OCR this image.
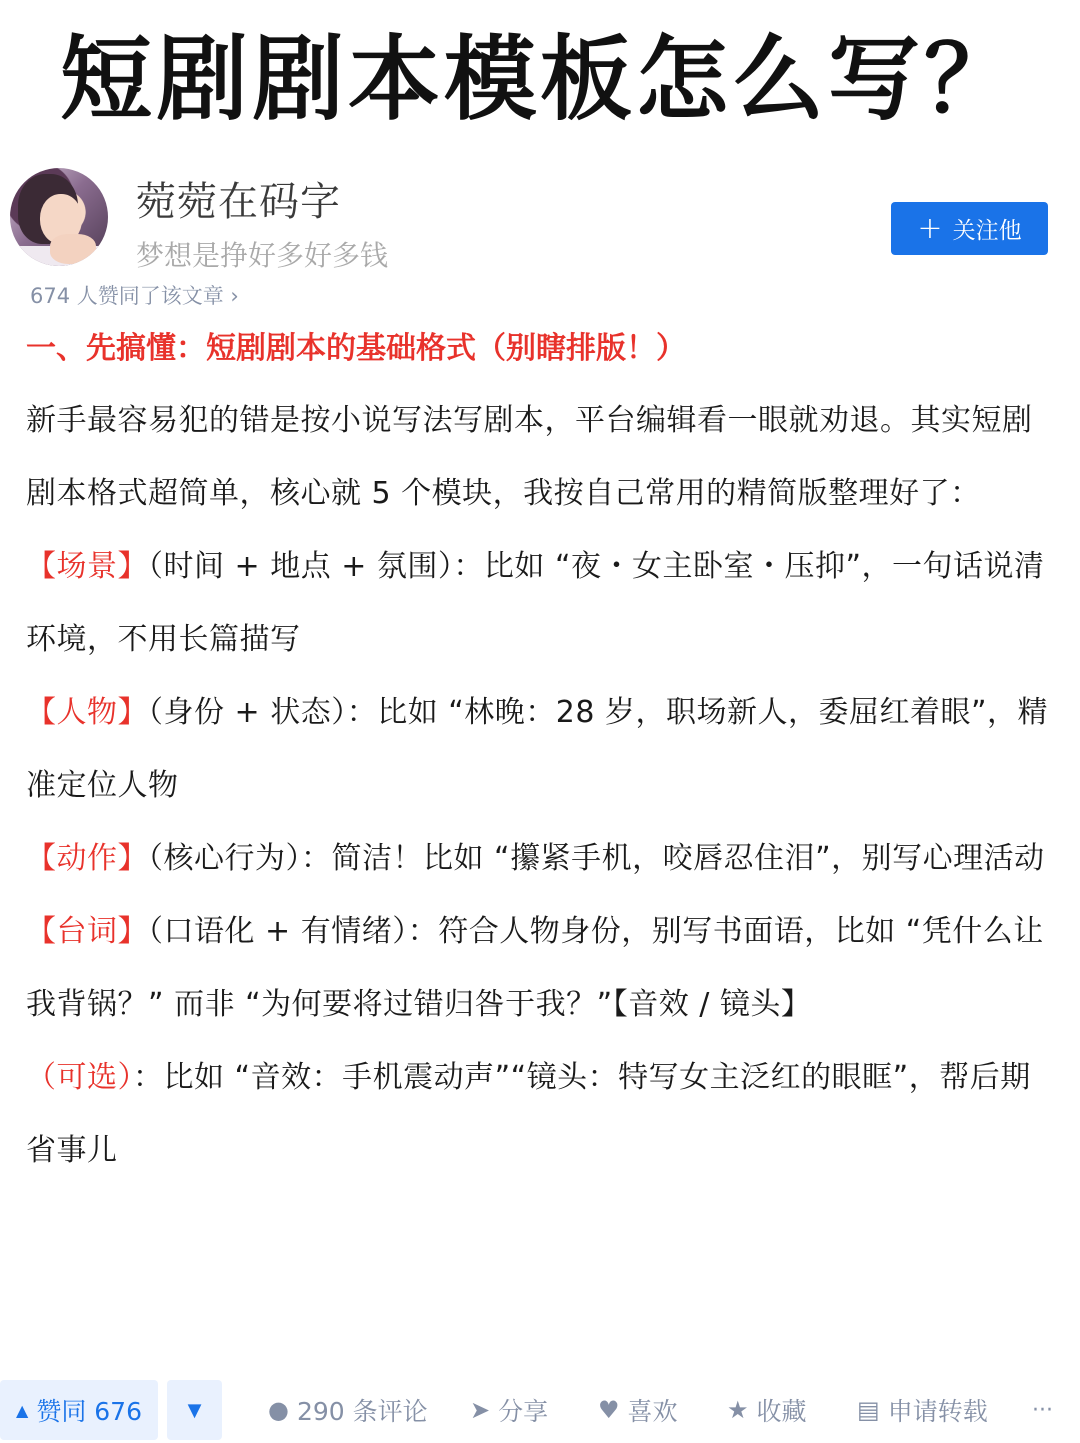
短剧剧本模板怎么写？
菀菀在码字
梦想是挣好多好多钱
+ 关注他
674 人赞同了该文章 ›
一、先搞懂：短剧剧本的基础格式（别瞎排版！）

新手最容易犯的错是按小说写法写剧本，平台编辑看一眼就劝退。其实短剧剧本格式超简单，核心就 5 个模块，我按自己常用的精简版整理好了：

【场景】（时间 + 地点 + 氛围）：比如 “夜・女主卧室・压抑”，一句话说清环境，不用长篇描写

【人物】（身份 + 状态）：比如 “林晚：28 岁，职场新人，委屈红着眼”，精准定位人物

【动作】（核心行为）：简洁！比如 “攥紧手机，咬唇忍住泪”，别写心理活动

【台词】（口语化 + 有情绪）：符合人物身份，别写书面语，比如 “凭什么让我背锅？” 而非 “为何要将过错归咎于我？”【音效 / 镜头】

（可选）：比如 “音效：手机震动声”“镜头：特写女主泛红的眼眶”，帮后期省事儿

▲ 赞同 676	▼	● 290 条评论 ➤ 分享 ♥ 喜欢 ★ 收藏 ▤ 申请转载 ···
